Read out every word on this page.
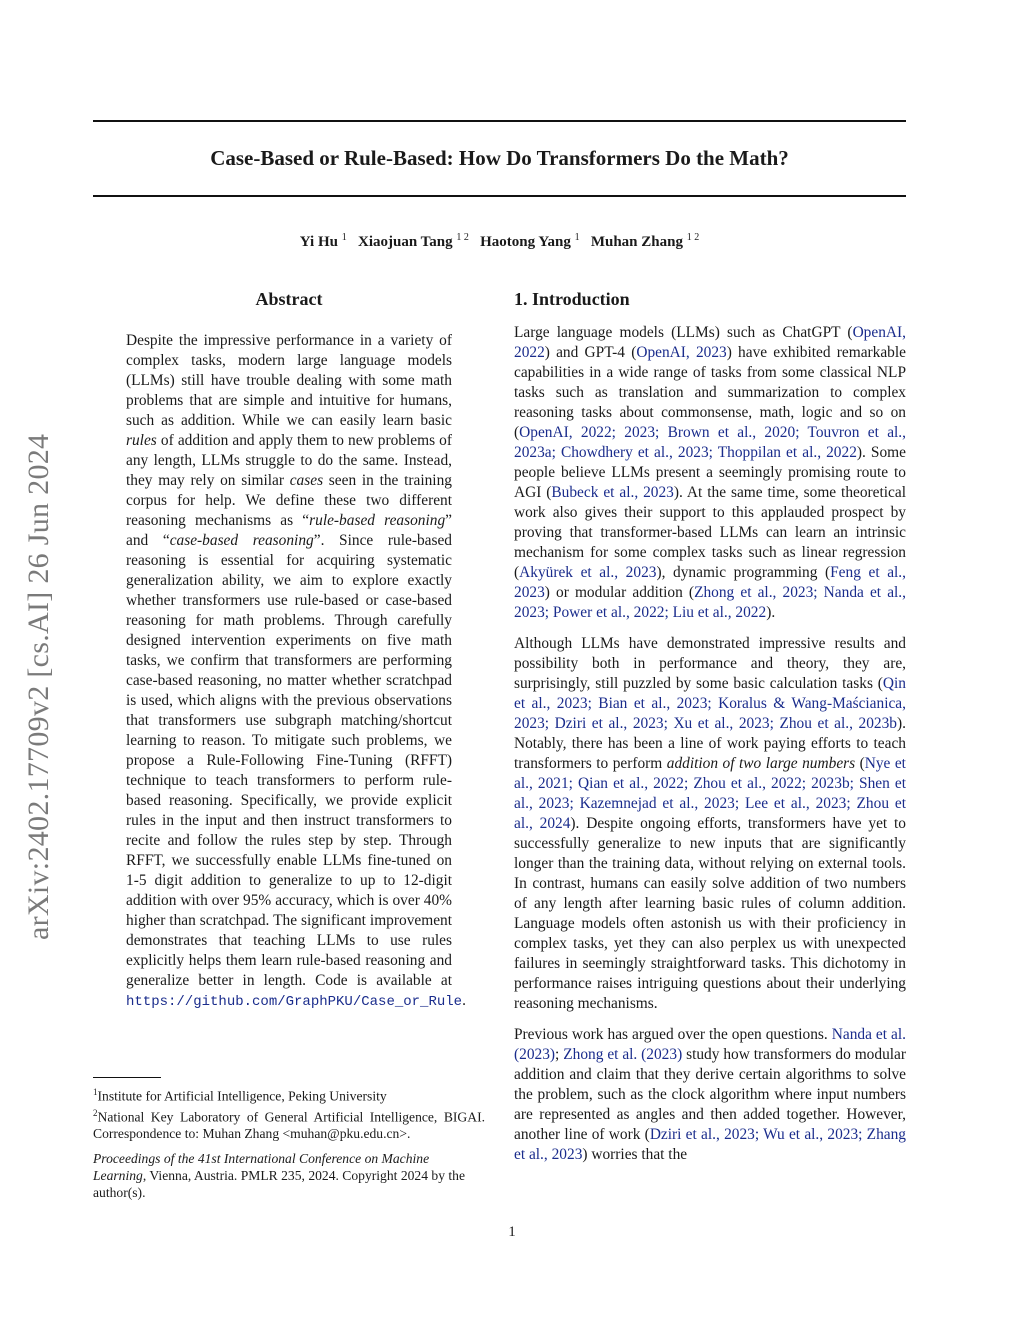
Case-Based or Rule-Based: How Do Transformers Do the Math?
Yi Hu $^1$ Xiaojuan Tang $^{1 2}$ Haotong Yang $^1$ Muhan Zhang $^{1 2}$
arXiv:2402.17709v2 [cs.AI] 26 Jun 2024
Abstract
Despite the impressive performance in a variety of complex tasks, modern large language models (LLMs) still have trouble dealing with some math problems that are simple and intuitive for humans, such as addition. While we can easily learn basic rules of addition and apply them to new problems of any length, LLMs struggle to do the same. Instead, they may rely on similar cases seen in the training corpus for help. We define these two different reasoning mechanisms as “rule-based reasoning” and “case-based reasoning”. Since rule-based reasoning is essential for acquiring systematic generalization ability, we aim to explore exactly whether transformers use rule-based or case-based reasoning for math problems. Through carefully designed intervention experiments on five math tasks, we confirm that transformers are performing case-based reasoning, no matter whether scratchpad is used, which aligns with the previous observations that transformers use subgraph matching/shortcut learning to reason. To mitigate such problems, we propose a Rule-Following Fine-Tuning (RFFT) technique to teach transformers to perform rule-based reasoning. Specifically, we provide explicit rules in the input and then instruct transformers to recite and follow the rules step by step. Through RFFT, we successfully enable LLMs fine-tuned on 1-5 digit addition to generalize to up to 12-digit addition with over 95% accuracy, which is over 40% higher than scratchpad. The significant improvement demonstrates that teaching LLMs to use rules explicitly helps them learn rule-based reasoning and generalize better in length. Code is available at https://github.com/GraphPKU/Case_or_Rule.
$^1$Institute for Artificial Intelligence, Peking University
$^2$National Key Laboratory of General Artificial Intelligence, BIGAI. Correspondence to: Muhan Zhang <muhan@pku.edu.cn>.
Proceedings of the 41st International Conference on Machine Learning, Vienna, Austria. PMLR 235, 2024. Copyright 2024 by the author(s).
1. Introduction

Large language models (LLMs) such as ChatGPT (OpenAI, 2022) and GPT-4 (OpenAI, 2023) have exhibited remarkable capabilities in a wide range of tasks from some classical NLP tasks such as translation and summarization to complex reasoning tasks about commonsense, math, logic and so on (OpenAI, 2022; 2023; Brown et al., 2020; Touvron et al., 2023a; Chowdhery et al., 2023; Thoppilan et al., 2022). Some people believe LLMs present a seemingly promising route to AGI (Bubeck et al., 2023). At the same time, some theoretical work also gives their support to this applauded prospect by proving that transformer-based LLMs can learn an intrinsic mechanism for some complex tasks such as linear regression (Akyürek et al., 2023), dynamic programming (Feng et al., 2023) or modular addition (Zhong et al., 2023; Nanda et al., 2023; Power et al., 2022; Liu et al., 2022).

Although LLMs have demonstrated impressive results and possibility both in performance and theory, they are, surprisingly, still puzzled by some basic calculation tasks (Qin et al., 2023; Bian et al., 2023; Koralus & Wang-Maścianica, 2023; Dziri et al., 2023; Xu et al., 2023; Zhou et al., 2023b). Notably, there has been a line of work paying efforts to teach transformers to perform addition of two large numbers (Nye et al., 2021; Qian et al., 2022; Zhou et al., 2022; 2023b; Shen et al., 2023; Kazemnejad et al., 2023; Lee et al., 2023; Zhou et al., 2024). Despite ongoing efforts, transformers have yet to successfully generalize to new inputs that are significantly longer than the training data, without relying on external tools. In contrast, humans can easily solve addition of two numbers of any length after learning basic rules of column addition. Language models often astonish us with their proficiency in complex tasks, yet they can also perplex us with unexpected failures in seemingly straightforward tasks. This dichotomy in performance raises intriguing questions about their underlying reasoning mechanisms.

Previous work has argued over the open questions. Nanda et al. (2023); Zhong et al. (2023) study how transformers do modular addition and claim that they derive certain algorithms to solve the problem, such as the clock algorithm where input numbers are represented as angles and then added together. However, another line of work (Dziri et al., 2023; Wu et al., 2023; Zhang et al., 2023) worries that the

1
